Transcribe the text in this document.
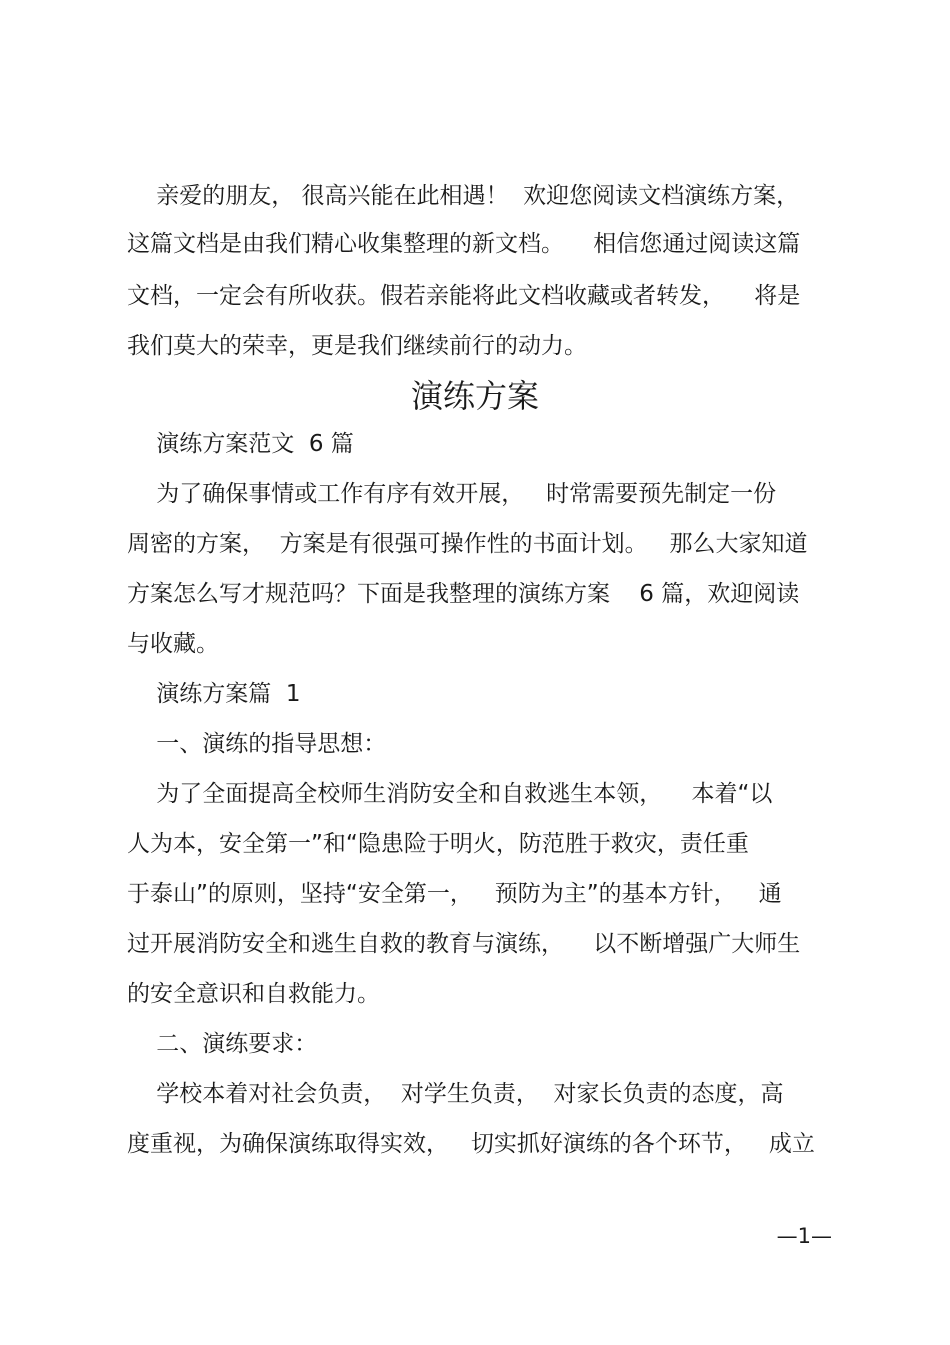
亲爱的朋友， 很高兴能在此相遇！  欢迎您阅读文档演练方案，
这篇文档是由我们精心收集整理的新文档。    相信您通过阅读这篇
文档，一定会有所收获。假若亲能将此文档收藏或者转发，    将是
我们莫大的荣幸，更是我们继续前行的动力。
演练方案
演练方案范文  6 篇
为了确保事情或工作有序有效开展，   时常需要预先制定一份
周密的方案，  方案是有很强可操作性的书面计划。   那么大家知道
方案怎么写才规范吗？下面是我整理的演练方案    6 篇，欢迎阅读
与收藏。
演练方案篇  1
一、演练的指导思想：
为了全面提高全校师生消防安全和自救逃生本领，    本着“以
人为本，安全第一”和“隐患险于明火，防范胜于救灾，责任重
于泰山”的原则，坚持“安全第一，   预防为主”的基本方针，   通
过开展消防安全和逃生自救的教育与演练，    以不断增强广大师生
的安全意识和自救能力。
二、演练要求：
学校本着对社会负责，  对学生负责，  对家长负责的态度，高
度重视，为确保演练取得实效，   切实抓好演练的各个环节，   成立
—1—
